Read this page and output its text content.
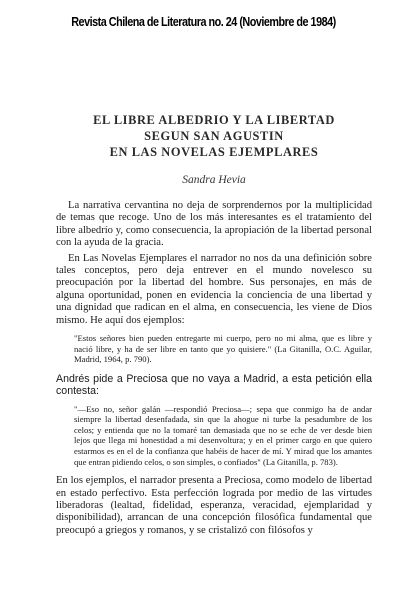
Revista Chilena de Literatura no. 24 (Noviembre de 1984)
EL LIBRE ALBEDRIO Y LA LIBERTAD
SEGUN SAN AGUSTIN
EN LAS NOVELAS EJEMPLARES
Sandra Hevia

La narrativa cervantina no deja de sorprendernos por la multiplicidad de temas que recoge. Uno de los más interesantes es el tratamiento del libre albedrío y, como consecuencia, la apropiación de la libertad personal con la ayuda de la gracia.

En Las Novelas Ejemplares el narrador no nos da una definición sobre tales conceptos, pero deja entrever en el mundo novelesco su preocupación por la libertad del hombre. Sus personajes, en más de alguna oportunidad, ponen en evidencia la conciencia de una libertad y una dignidad que radican en el alma, en consecuencia, les viene de Dios mismo. He aquí dos ejemplos:

"Estos señores bien pueden entregarte mi cuerpo, pero no mi alma, que es libre y nació libre, y ha de ser libre en tanto que yo quisiere." (La Gitanilla, O.C. Aguilar, Madrid, 1964, p. 790).

Andrés pide a Preciosa que no vaya a Madrid, a esta petición ella contesta:

"—Eso no, señor galán —respondió Preciosa—; sepa que conmigo ha de andar siempre la libertad desenfadada, sin que la ahogue ni turbe la pesadumbre de los celos; y entienda que no la tomaré tan demasiada que no se eche de ver desde bien lejos que llega mi honestidad a mi desenvoltura; y en el primer cargo en que quiero estarmos es en el de la confianza que habéis de hacer de mí. Y mirad que los amantes que entran pidiendo celos, o son simples, o confiados" (La Gitanilla, p. 783).

En los ejemplos, el narrador presenta a Preciosa, como modelo de libertad en estado perfectivo. Esta perfección lograda por medio de las virtudes liberadoras (lealtad, fidelidad, esperanza, veracidad, ejemplaridad y disponibilidad), arrancan de una concepción filosófica fundamental que preocupó a griegos y romanos, y se cristalizó con filósofos y
